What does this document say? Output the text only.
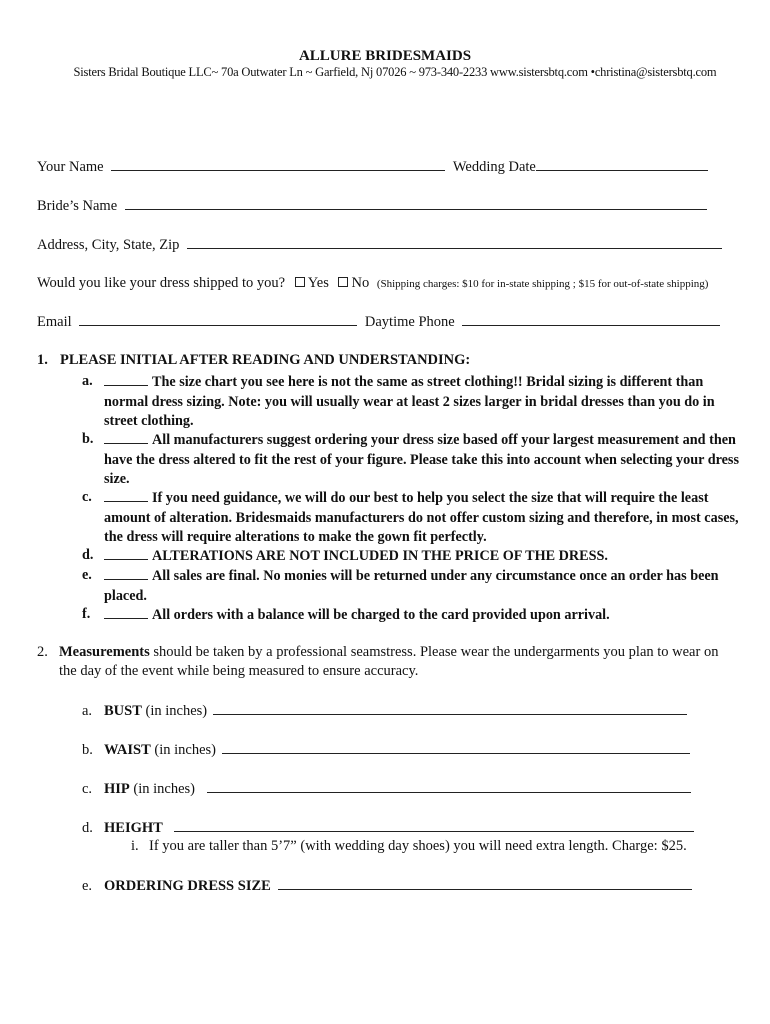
ALLURE BRIDESMAIDS
Sisters Bridal Boutique LLC~ 70a Outwater Ln ~ Garfield, Nj 07026 ~ 973-340-2233 www.sistersbtq.com •christina@sistersbtq.com
Your Name	Wedding Date
Bride’s Name
Address, City, State, Zip
Would you like your dress shipped to you? Yes No (Shipping charges: $10 for in-state shipping ; $15 for out-of-state shipping)
Email	Daytime Phone
1. PLEASE INITIAL AFTER READING AND UNDERSTANDING:
a.	The size chart you see here is not the same as street clothing!! Bridal sizing is different than normal dress sizing. Note: you will usually wear at least 2 sizes larger in bridal dresses than you do in street clothing.
b.	All manufacturers suggest ordering your dress size based off your largest measurement and then have the dress altered to fit the rest of your figure. Please take this into account when selecting your dress size.
c.	If you need guidance, we will do our best to help you select the size that will require the least amount of alteration. Bridesmaids manufacturers do not offer custom sizing and therefore, in most cases, the dress will require alterations to make the gown fit perfectly.
d.	ALTERATIONS ARE NOT INCLUDED IN THE PRICE OF THE DRESS.
e.	All sales are final. No monies will be returned under any circumstance once an order has been placed.
f.	All orders with a balance will be charged to the card provided upon arrival.
2. Measurements should be taken by a professional seamstress. Please wear the undergarments you plan to wear on
the day of the event while being measured to ensure accuracy.
a. BUST (in inches)
b. WAIST (in inches)
c. HIP (in inches)
d. HEIGHT
i. If you are taller than 5’7” (with wedding day shoes) you will need extra length. Charge: $25.
e. ORDERING DRESS SIZE
